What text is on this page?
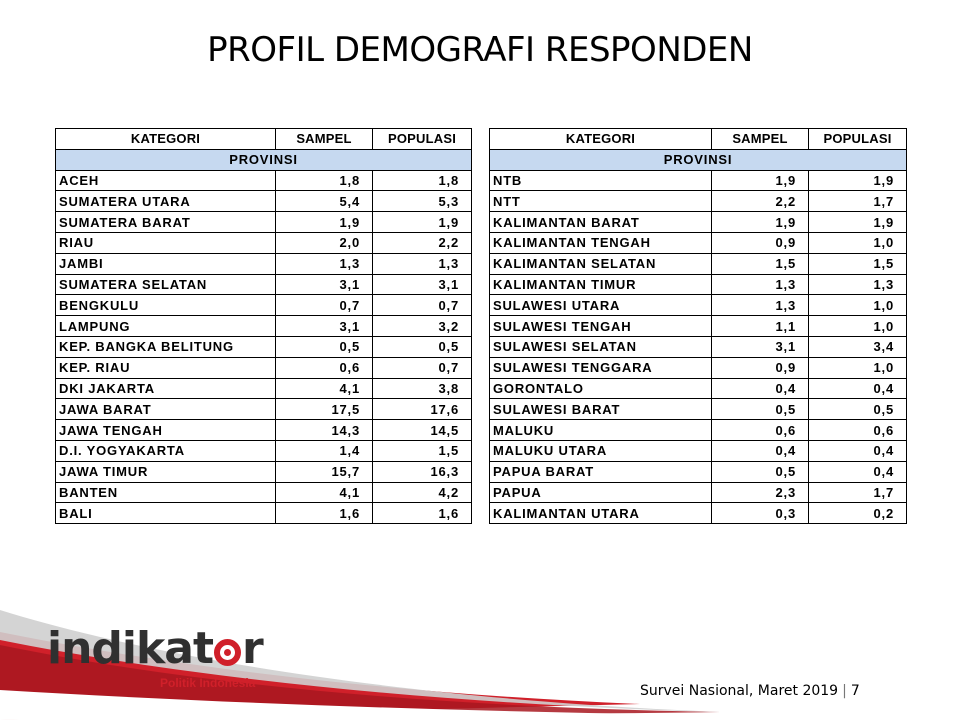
PROFIL DEMOGRAFI RESPONDEN
KATEGORI	SAMPEL	POPULASI
PROVINSI		
ACEH	1,8	1,8
SUMATERA UTARA	5,4	5,3
SUMATERA BARAT	1,9	1,9
RIAU	2,0	2,2
JAMBI	1,3	1,3
SUMATERA SELATAN	3,1	3,1
BENGKULU	0,7	0,7
LAMPUNG	3,1	3,2
KEP. BANGKA BELITUNG	0,5	0,5
KEP. RIAU	0,6	0,7
DKI JAKARTA	4,1	3,8
JAWA BARAT	17,5	17,6
JAWA TENGAH	14,3	14,5
D.I. YOGYAKARTA	1,4	1,5
JAWA TIMUR	15,7	16,3
BANTEN	4,1	4,2
BALI	1,6	1,6
KATEGORI	SAMPEL	POPULASI
PROVINSI		
NTB	1,9	1,9
NTT	2,2	1,7
KALIMANTAN BARAT	1,9	1,9
KALIMANTAN TENGAH	0,9	1,0
KALIMANTAN SELATAN	1,5	1,5
KALIMANTAN TIMUR	1,3	1,3
SULAWESI UTARA	1,3	1,0
SULAWESI TENGAH	1,1	1,0
SULAWESI SELATAN	3,1	3,4
SULAWESI TENGGARA	0,9	1,0
GORONTALO	0,4	0,4
SULAWESI BARAT	0,5	0,5
MALUKU	0,6	0,6
MALUKU UTARA	0,4	0,4
PAPUA BARAT	0,5	0,4
PAPUA	2,3	1,7
KALIMANTAN UTARA	0,3	0,2
indikat r
Politik Indonesia	Survei Nasional, Maret 2019 | 7
